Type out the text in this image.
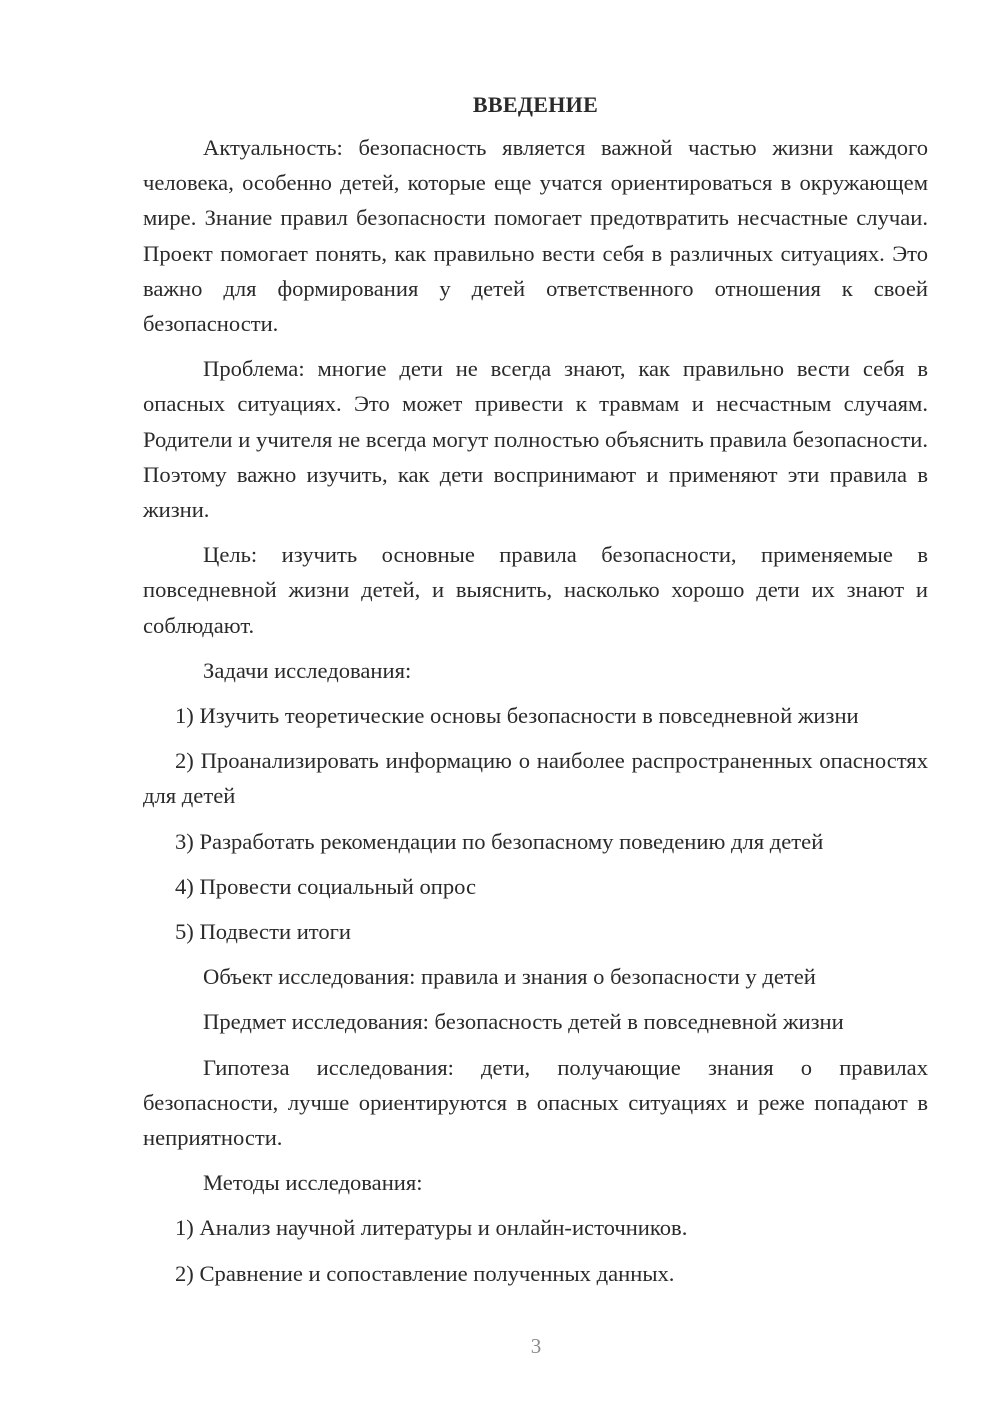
ВВЕДЕНИЕ

Актуальность: безопасность является важной частью жизни каждого человека, особенно детей, которые еще учатся ориентироваться в окружающем мире. Знание правил безопасности помогает предотвратить несчастные случаи. Проект помогает понять, как правильно вести себя в различных ситуациях. Это важно для формирования у детей ответственного отношения к своей безопасности.

Проблема: многие дети не всегда знают, как правильно вести себя в опасных ситуациях. Это может привести к травмам и несчастным случаям. Родители и учителя не всегда могут полностью объяснить правила безопасности. Поэтому важно изучить, как дети воспринимают и применяют эти правила в жизни.

Цель: изучить основные правила безопасности, применяемые в повседневной жизни детей, и выяснить, насколько хорошо дети их знают и соблюдают.

Задачи исследования:

1) Изучить теоретические основы безопасности в повседневной жизни

2) Проанализировать информацию о наиболее распространенных опасностях для детей

3) Разработать рекомендации по безопасному поведению для детей

4) Провести социальный опрос

5) Подвести итоги

Объект исследования: правила и знания о безопасности у детей

Предмет исследования: безопасность детей в повседневной жизни

Гипотеза исследования: дети, получающие знания о правилах безопасности, лучше ориентируются в опасных ситуациях и реже попадают в неприятности.

Методы исследования:

1) Анализ научной литературы и онлайн-источников.

2) Сравнение и сопоставление полученных данных.

3
